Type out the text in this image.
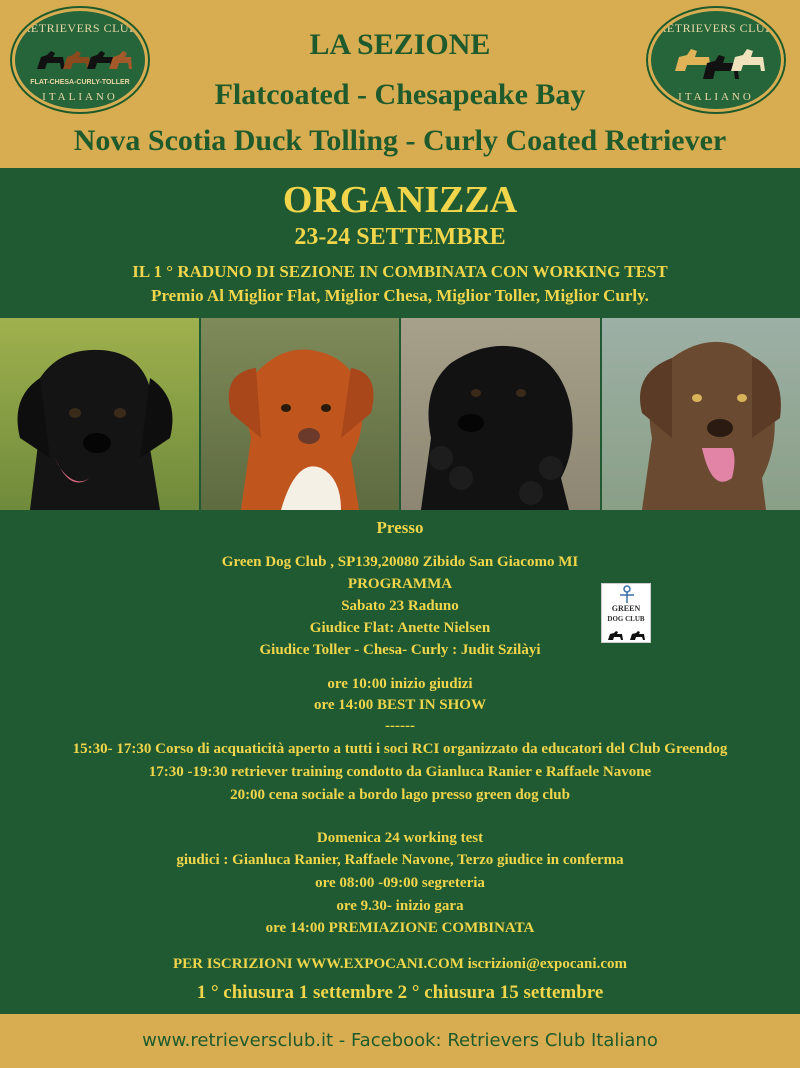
RETRIEVERS CLUB
FLAT-CHESA-CURLY-TOLLER
ITALIANO
RETRIEVERS CLUB
ITALIANO
LA SEZIONE
Flatcoated - Chesapeake Bay
Nova Scotia Duck Tolling - Curly Coated Retriever
ORGANIZZA
23-24 SETTEMBRE
IL 1 ° RADUNO DI SEZIONE IN COMBINATA CON WORKING TEST
Premio Al Miglior Flat, Miglior Chesa, Miglior Toller, Miglior Curly.
Presso
Green Dog Club , SP139,20080 Zibido San Giacomo MI
PROGRAMMA
Sabato 23 Raduno
Giudice Flat: Anette Nielsen
Giudice Toller - Chesa- Curly : Judit Szilàyi
GREEN
DOG CLUB
ore 10:00 inizio giudizi
ore 14:00 BEST IN SHOW
------
15:30- 17:30 Corso di acquaticità aperto a tutti i soci RCI organizzato da educatori del Club Greendog
17:30 -19:30 retriever training condotto da Gianluca Ranier e Raffaele Navone
20:00 cena sociale a bordo lago presso green dog club
Domenica 24 working test
giudici : Gianluca Ranier, Raffaele Navone, Terzo giudice in conferma
ore 08:00 -09:00 segreteria
ore 9.30- inizio gara
ore 14:00 PREMIAZIONE COMBINATA
PER ISCRIZIONI WWW.EXPOCANI.COM iscrizioni@expocani.com
1 ° chiusura 1 settembre 2 ° chiusura 15 settembre
www.retrieversclub.it - Facebook: Retrievers Club Italiano
